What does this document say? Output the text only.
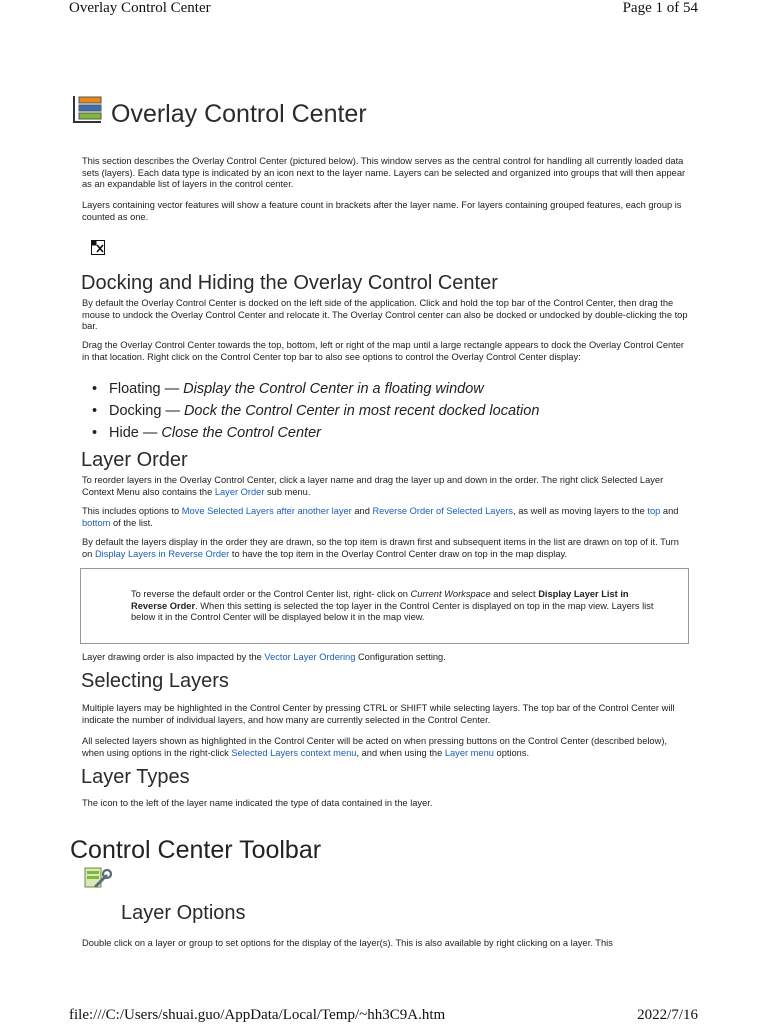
Overlay Control Center	Page 1 of 54
Overlay Control Center
This section describes the Overlay Control Center (pictured below). This window serves as the central control for handling all currently loaded data sets (layers). Each data type is indicated by an icon next to the layer name. Layers can be selected and organized into groups that will then appear as an expandable list of layers in the control center.
Layers containing vector features will show a feature count in brackets after the layer name. For layers containing grouped features, each group is counted as one.
Docking and Hiding the Overlay Control Center
By default the Overlay Control Center is docked on the left side of the application. Click and hold the top bar of the Control Center, then drag the mouse to undock the Overlay Control Center and relocate it. The Overlay Control center can also be docked or undocked by double-clicking the top bar.
Drag the Overlay Control Center towards the top, bottom, left or right of the map until a large rectangle appears to dock the Overlay Control Center in that location. Right click on the Control Center top bar to also see options to control the Overlay Control Center display:
• Floating — Display the Control Center in a floating window
• Docking — Dock the Control Center in most recent docked location
• Hide — Close the Control Center
Layer Order
To reorder layers in the Overlay Control Center, click a layer name and drag the layer up and down in the order. The right click Selected Layer Context Menu also contains the Layer Order sub menu.
This includes options to Move Selected Layers after another layer and Reverse Order of Selected Layers, as well as moving layers to the top and bottom of the list.
By default the layers display in the order they are drawn, so the top item is drawn first and subsequent items in the list are drawn on top of it. Turn on Display Layers in Reverse Order to have the top item in the Overlay Control Center draw on top in the map display.
To reverse the default order or the Control Center list, right- click on Current Workspace and select Display Layer List in Reverse Order. When this setting is selected the top layer in the Control Center is displayed on top in the map view. Layers list below it in the Control Center will be displayed below it in the map view.
Layer drawing order is also impacted by the Vector Layer Ordering Configuration setting.
Selecting Layers
Multiple layers may be highlighted in the Control Center by pressing CTRL or SHIFT while selecting layers. The top bar of the Control Center will indicate the number of individual layers, and how many are currently selected in the Control Center.
All selected layers shown as highlighted in the Control Center will be acted on when pressing buttons on the Control Center (described below), when using options in the right-click Selected Layers context menu, and when using the Layer menu options.
Layer Types
The icon to the left of the layer name indicated the type of data contained in the layer.
Control Center Toolbar
Layer Options
Double click on a layer or group to set options for the display of the layer(s). This is also available by right clicking on a layer. This
file:///C:/Users/shuai.guo/AppData/Local/Temp/~hh3C9A.htm	2022/7/16
